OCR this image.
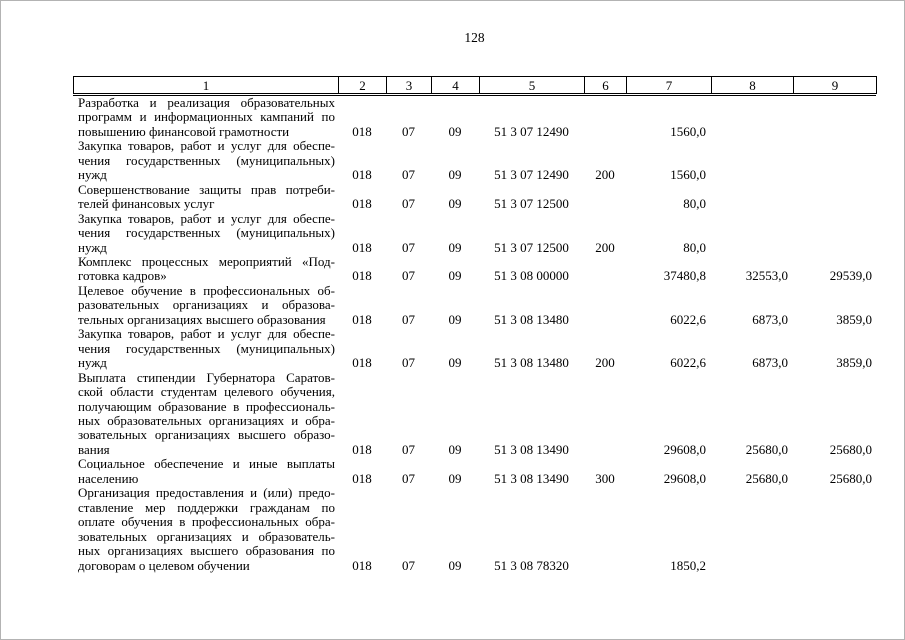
128
1	2	3	4	5	6	7	8	9
Разработка и реализация образовательных
программ и информационных кампаний по
повышению финансовой грамотности	018	07	09	51 3 07 12490		1560,0		

Закупка товаров, работ и услуг для обеспе-
чения государственных (муниципальных)
нужд	018	07	09	51 3 07 12490	200	1560,0		

Совершенствование защиты прав потреби-
телей финансовых услуг	018	07	09	51 3 07 12500		80,0		

Закупка товаров, работ и услуг для обеспе-
чения государственных (муниципальных)
нужд	018	07	09	51 3 07 12500	200	80,0		

Комплекс процессных мероприятий «Под-
готовка кадров»	018	07	09	51 3 08 00000		37480,8	32553,0	29539,0

Целевое обучение в профессиональных об-
разовательных организациях и образова-
тельных организациях высшего образования	018	07	09	51 3 08 13480		6022,6	6873,0	3859,0

Закупка товаров, работ и услуг для обеспе-
чения государственных (муниципальных)
нужд	018	07	09	51 3 08 13480	200	6022,6	6873,0	3859,0

Выплата стипендии Губернатора Саратов-
ской области студентам целевого обучения,
получающим образование в профессиональ-
ных образовательных организациях и обра-
зовательных организациях высшего образо-
вания	018	07	09	51 3 08 13490		29608,0	25680,0	25680,0

Социальное обеспечение и иные выплаты
населению	018	07	09	51 3 08 13490	300	29608,0	25680,0	25680,0

Организация предоставления и (или) предо-
ставление мер поддержки гражданам по
оплате обучения в профессиональных обра-
зовательных организациях и образователь-
ных организациях высшего образования по
договорам о целевом обучении	018	07	09	51 3 08 78320		1850,2		
